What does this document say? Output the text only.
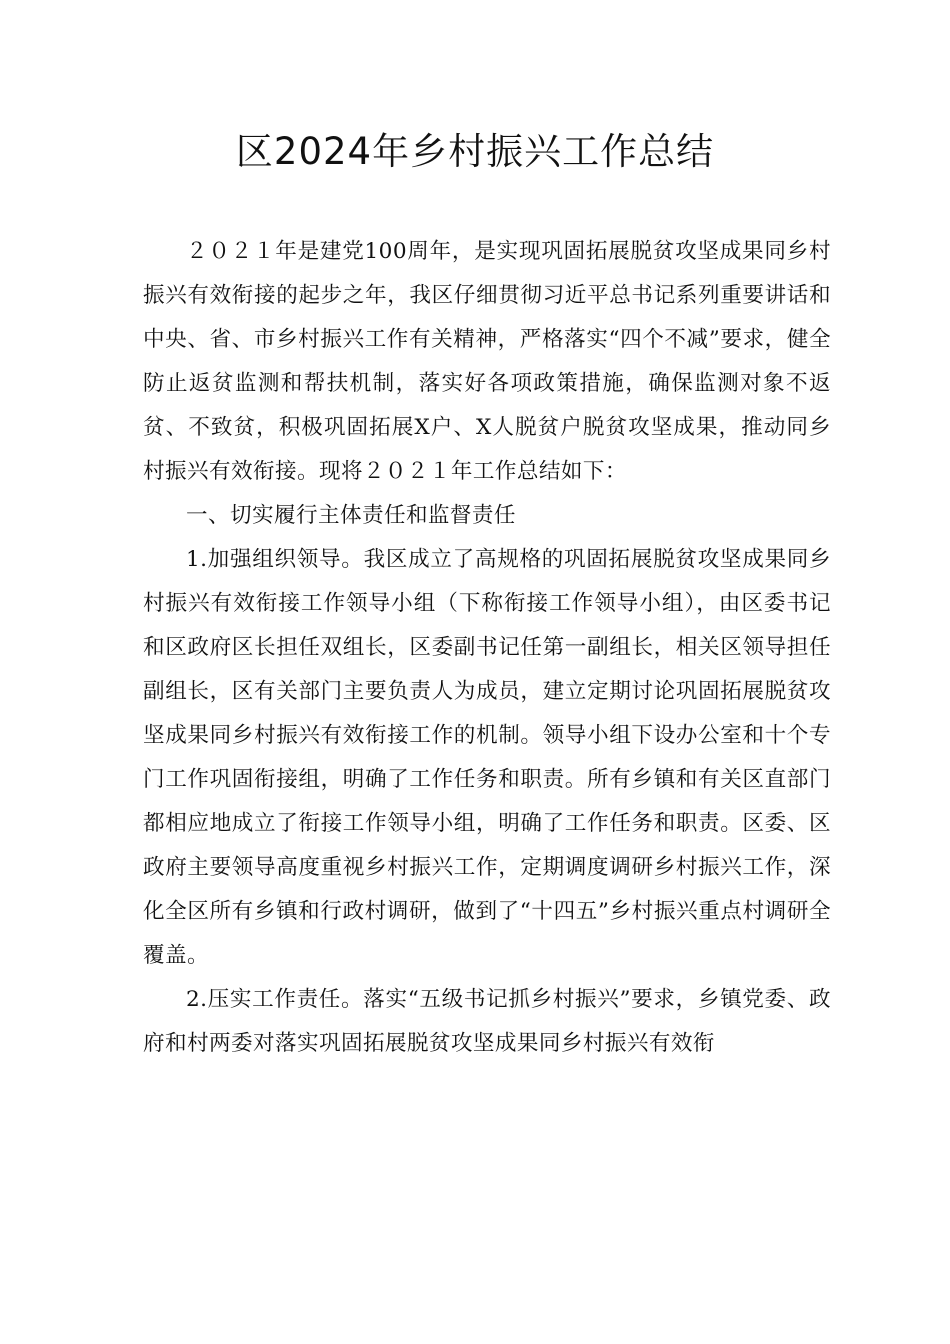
区2024年乡村振兴工作总结

２０２１年是建党100周年，是实现巩固拓展脱贫攻坚成果同乡村振兴有效衔接的起步之年，我区仔细贯彻习近平总书记系列重要讲话和中央、省、市乡村振兴工作有关精神，严格落实“四个不减”要求，健全防止返贫监测和帮扶机制，落实好各项政策措施，确保监测对象不返贫、不致贫，积极巩固拓展X户、X人脱贫户脱贫攻坚成果，推动同乡村振兴有效衔接。现将２０２１年工作总结如下：

一、切实履行主体责任和监督责任

1.加强组织领导。我区成立了高规格的巩固拓展脱贫攻坚成果同乡村振兴有效衔接工作领导小组（下称衔接工作领导小组），由区委书记和区政府区长担任双组长，区委副书记任第一副组长，相关区领导担任副组长，区有关部门主要负责人为成员，建立定期讨论巩固拓展脱贫攻坚成果同乡村振兴有效衔接工作的机制。领导小组下设办公室和十个专门工作巩固衔接组，明确了工作任务和职责。所有乡镇和有关区直部门都相应地成立了衔接工作领导小组，明确了工作任务和职责。区委、区政府主要领导高度重视乡村振兴工作，定期调度调研乡村振兴工作，深化全区所有乡镇和行政村调研，做到了“十四五”乡村振兴重点村调研全覆盖。

2.压实工作责任。落实“五级书记抓乡村振兴”要求，乡镇党委、政府和村两委对落实巩固拓展脱贫攻坚成果同乡村振兴有效衔
